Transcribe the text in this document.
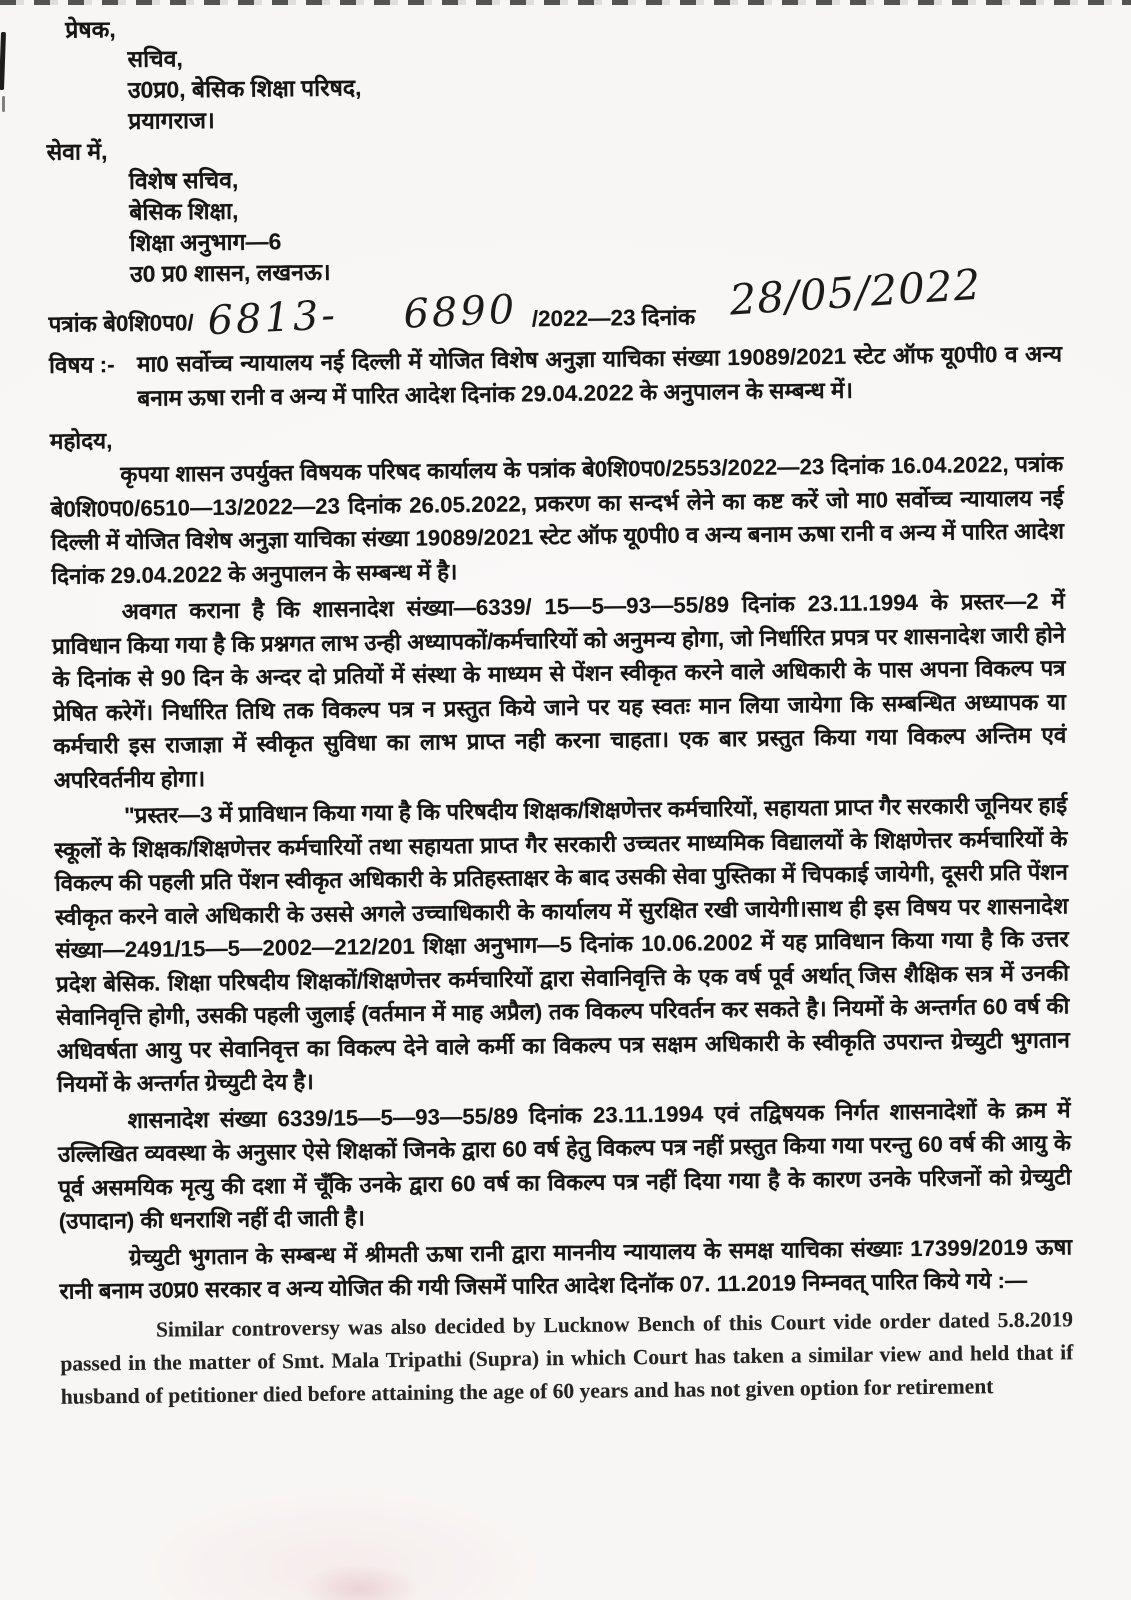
प्रेषक,
सचिव,
उ0प्र0, बेसिक शिक्षा परिषद,
प्रयागराज।
सेवा में,
विशेष सचिव,
बेसिक शिक्षा,
शिक्षा अनुभाग—6
उ0 प्र0 शासन, लखनऊ।
पत्रांक बे0शि0प0/ 6813- 6890 /2022—23 दिनांक 28/05/2022
विषय :- मा0 सर्वोच्च न्यायालय नई दिल्ली में योजित विशेष अनुज्ञा याचिका संख्या 19089/2021 स्टेट ऑफ यू0पी0 व अन्य बनाम ऊषा रानी व अन्य में पारित आदेश दिनांक 29.04.2022 के अनुपालन के सम्बन्ध में।
महोदय,
कृपया शासन उपर्युक्त विषयक परिषद कार्यालय के पत्रांक बे0शि0प0/2553/2022—23 दिनांक 16.04.2022, पत्रांक बे0शि0प0/6510—13/2022—23 दिनांक 26.05.2022, प्रकरण का सन्दर्भ लेने का कष्ट करें जो मा0 सर्वोच्च न्यायालय नई दिल्ली में योजित विशेष अनुज्ञा याचिका संख्या 19089/2021 स्टेट ऑफ यू0पी0 व अन्य बनाम ऊषा रानी व अन्य में पारित आदेश दिनांक 29.04.2022 के अनुपालन के सम्बन्ध में है।
अवगत कराना है कि शासनादेश संख्या—6339/ 15—5—93—55/89 दिनांक 23.11.1994 के प्रस्तर—2 में प्राविधान किया गया है कि प्रश्नगत लाभ उन्ही अध्यापकों/कर्मचारियों को अनुमन्य होगा, जो निर्धारित प्रपत्र पर शासनादेश जारी होने के दिनांक से 90 दिन के अन्दर दो प्रतियों में संस्था के माध्यम से पेंशन स्वीकृत करने वाले अधिकारी के पास अपना विकल्प पत्र प्रेषित करेगें। निर्धारित तिथि तक विकल्प पत्र न प्रस्तुत किये जाने पर यह स्वतः मान लिया जायेगा कि सम्बन्धित अध्यापक या कर्मचारी इस राजाज्ञा में स्वीकृत सुविधा का लाभ प्राप्त नही करना चाहता। एक बार प्रस्तुत किया गया विकल्प अन्तिम एवं अपरिवर्तनीय होगा।
"प्रस्तर—3 में प्राविधान किया गया है कि परिषदीय शिक्षक/शिक्षणेत्तर कर्मचारियों, सहायता प्राप्त गैर सरकारी जूनियर हाई स्कूलों के शिक्षक/शिक्षणेत्तर कर्मचारियों तथा सहायता प्राप्त गैर सरकारी उच्चतर माध्यमिक विद्यालयों के शिक्षणेत्तर कर्मचारियों के विकल्प की पहली प्रति पेंशन स्वीकृत अधिकारी के प्रतिहस्ताक्षर के बाद उसकी सेवा पुस्तिका में चिपकाई जायेगी, दूसरी प्रति पेंशन स्वीकृत करने वाले अधिकारी के उससे अगले उच्चाधिकारी के कार्यालय में सुरक्षित रखी जायेगी।साथ ही इस विषय पर शासनादेश संख्या—2491/15—5—2002—212/201 शिक्षा अनुभाग—5 दिनांक 10.06.2002 में यह प्राविधान किया गया है कि उत्तर प्रदेश बेसिक. शिक्षा परिषदीय शिक्षकों/शिक्षणेत्तर कर्मचारियों द्वारा सेवानिवृत्ति के एक वर्ष पूर्व अर्थात् जिस शैक्षिक सत्र में उनकी सेवानिवृत्ति होगी, उसकी पहली जुलाई (वर्तमान में माह अप्रैल) तक विकल्प परिवर्तन कर सकते है। नियमों के अन्तर्गत 60 वर्ष की अधिवर्षता आयु पर सेवानिवृत्त का विकल्प देने वाले कर्मी का विकल्प पत्र सक्षम अधिकारी के स्वीकृति उपरान्त ग्रेच्युटी भुगतान नियमों के अन्तर्गत ग्रेच्युटी देय है।
शासनादेश संख्या 6339/15—5—93—55/89 दिनांक 23.11.1994 एवं तद्विषयक निर्गत शासनादेशों के क्रम में उल्लिखित व्यवस्था के अनुसार ऐसे शिक्षकों जिनके द्वारा 60 वर्ष हेतु विकल्प पत्र नहीं प्रस्तुत किया गया परन्तु 60 वर्ष की आयु के पूर्व असमयिक मृत्यु की दशा में चूँकि उनके द्वारा 60 वर्ष का विकल्प पत्र नहीं दिया गया है के कारण उनके परिजनों को ग्रेच्युटी (उपादान) की धनराशि नहीं दी जाती है।
ग्रेच्युटी भुगतान के सम्बन्ध में श्रीमती ऊषा रानी द्वारा माननीय न्यायालय के समक्ष याचिका संख्याः 17399/2019 ऊषा रानी बनाम उ0प्र0 सरकार व अन्य योजित की गयी जिसमें पारित आदेश दिनॉक 07. 11.2019 निम्नवत् पारित किये गये :—
Similar controversy was also decided by Lucknow Bench of this Court vide order dated 5.8.2019 passed in the matter of Smt. Mala Tripathi (Supra) in which Court has taken a similar view and held that if husband of petitioner died before attaining the age of 60 years and has not given option for retirement
